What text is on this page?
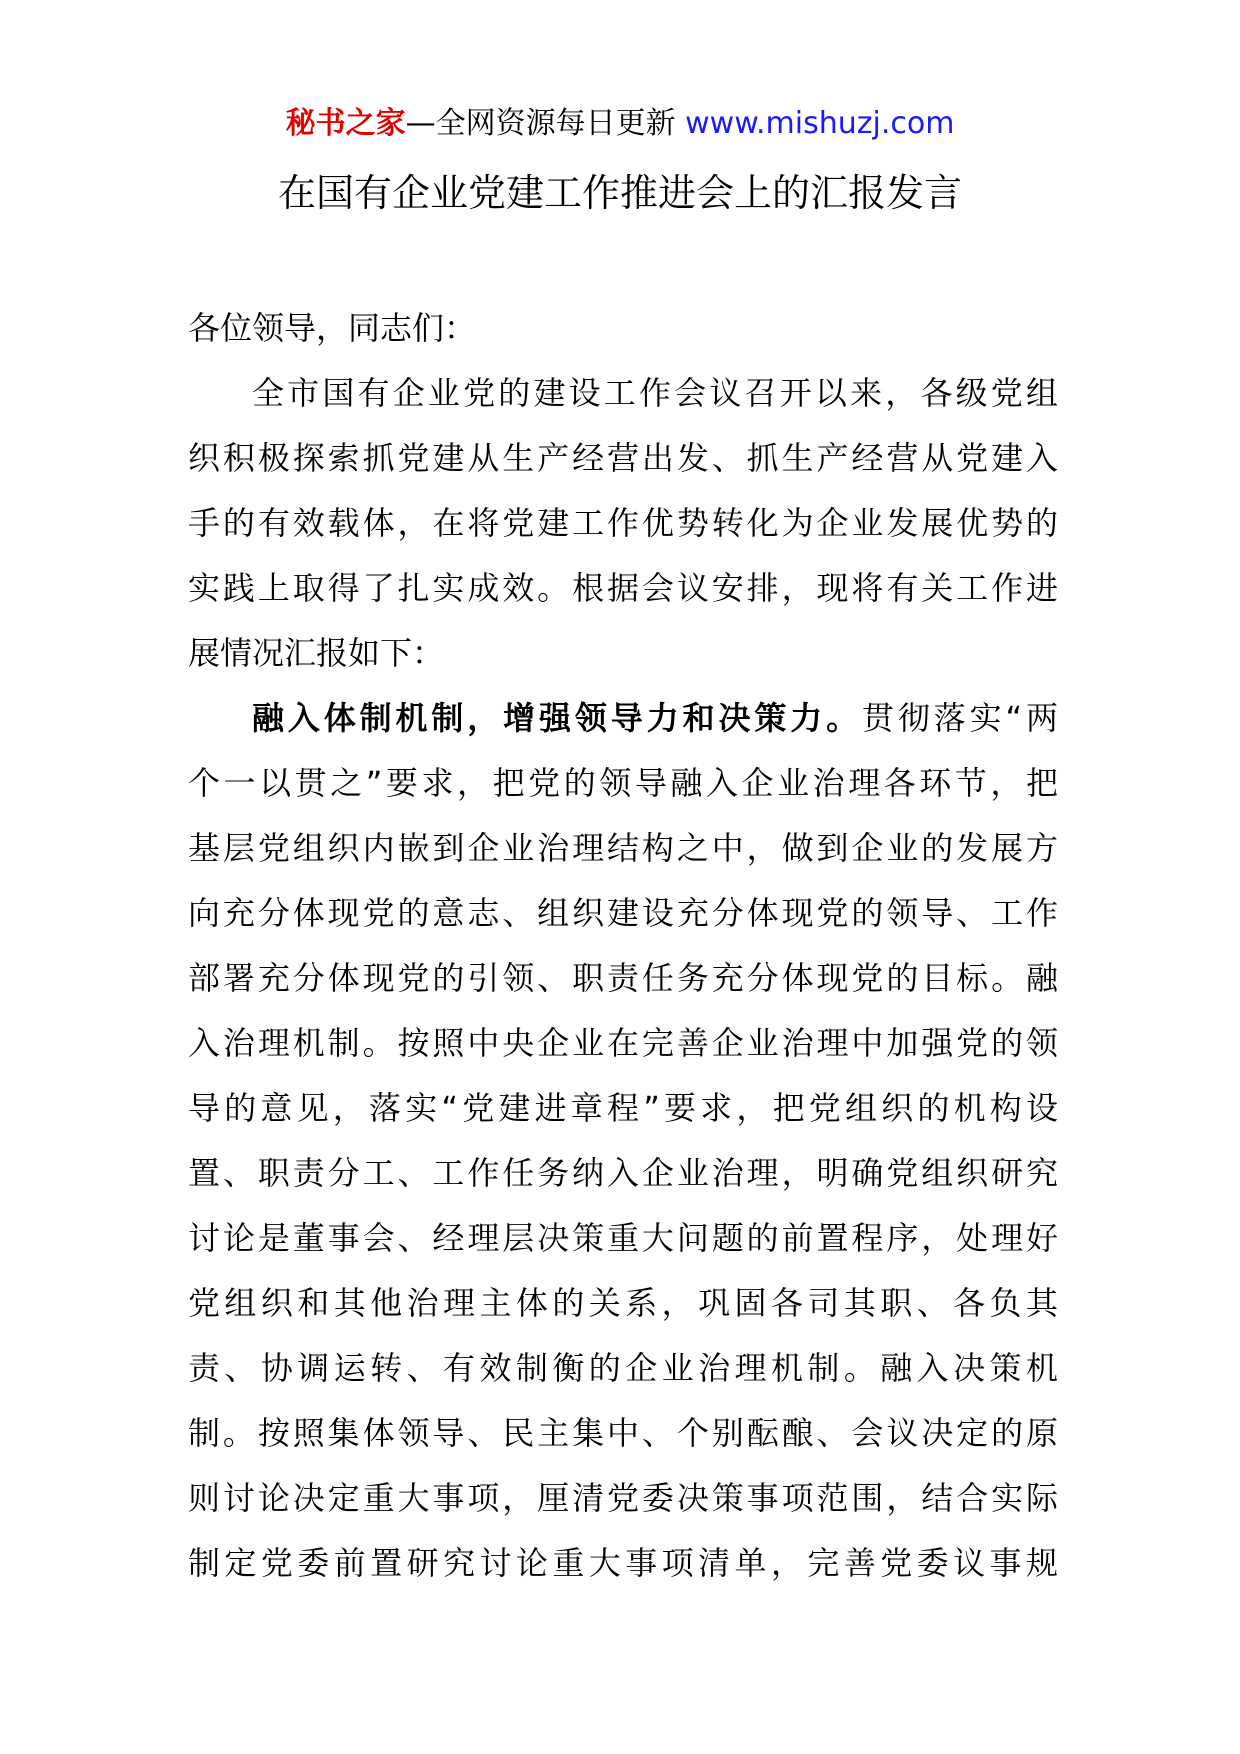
秘书之家—全网资源每日更新 www.mishuzj.com
在国有企业党建工作推进会上的汇报发言
各位领导，同志们：
全市国有企业党的建设工作会议召开以来，各级党组
织积极探索抓党建从生产经营出发、抓生产经营从党建入
手的有效载体，在将党建工作优势转化为企业发展优势的
实践上取得了扎实成效。根据会议安排，现将有关工作进
展情况汇报如下：
融入体制机制，增强领导力和决策力。贯彻落实“两
个一以贯之”要求，把党的领导融入企业治理各环节，把
基层党组织内嵌到企业治理结构之中，做到企业的发展方
向充分体现党的意志、组织建设充分体现党的领导、工作
部署充分体现党的引领、职责任务充分体现党的目标。融
入治理机制。按照中央企业在完善企业治理中加强党的领
导的意见，落实“党建进章程”要求，把党组织的机构设
置、职责分工、工作任务纳入企业治理，明确党组织研究
讨论是董事会、经理层决策重大问题的前置程序，处理好
党组织和其他治理主体的关系，巩固各司其职、各负其
责、协调运转、有效制衡的企业治理机制。融入决策机
制。按照集体领导、民主集中、个别酝酿、会议决定的原
则讨论决定重大事项，厘清党委决策事项范围，结合实际
制定党委前置研究讨论重大事项清单，完善党委议事规
